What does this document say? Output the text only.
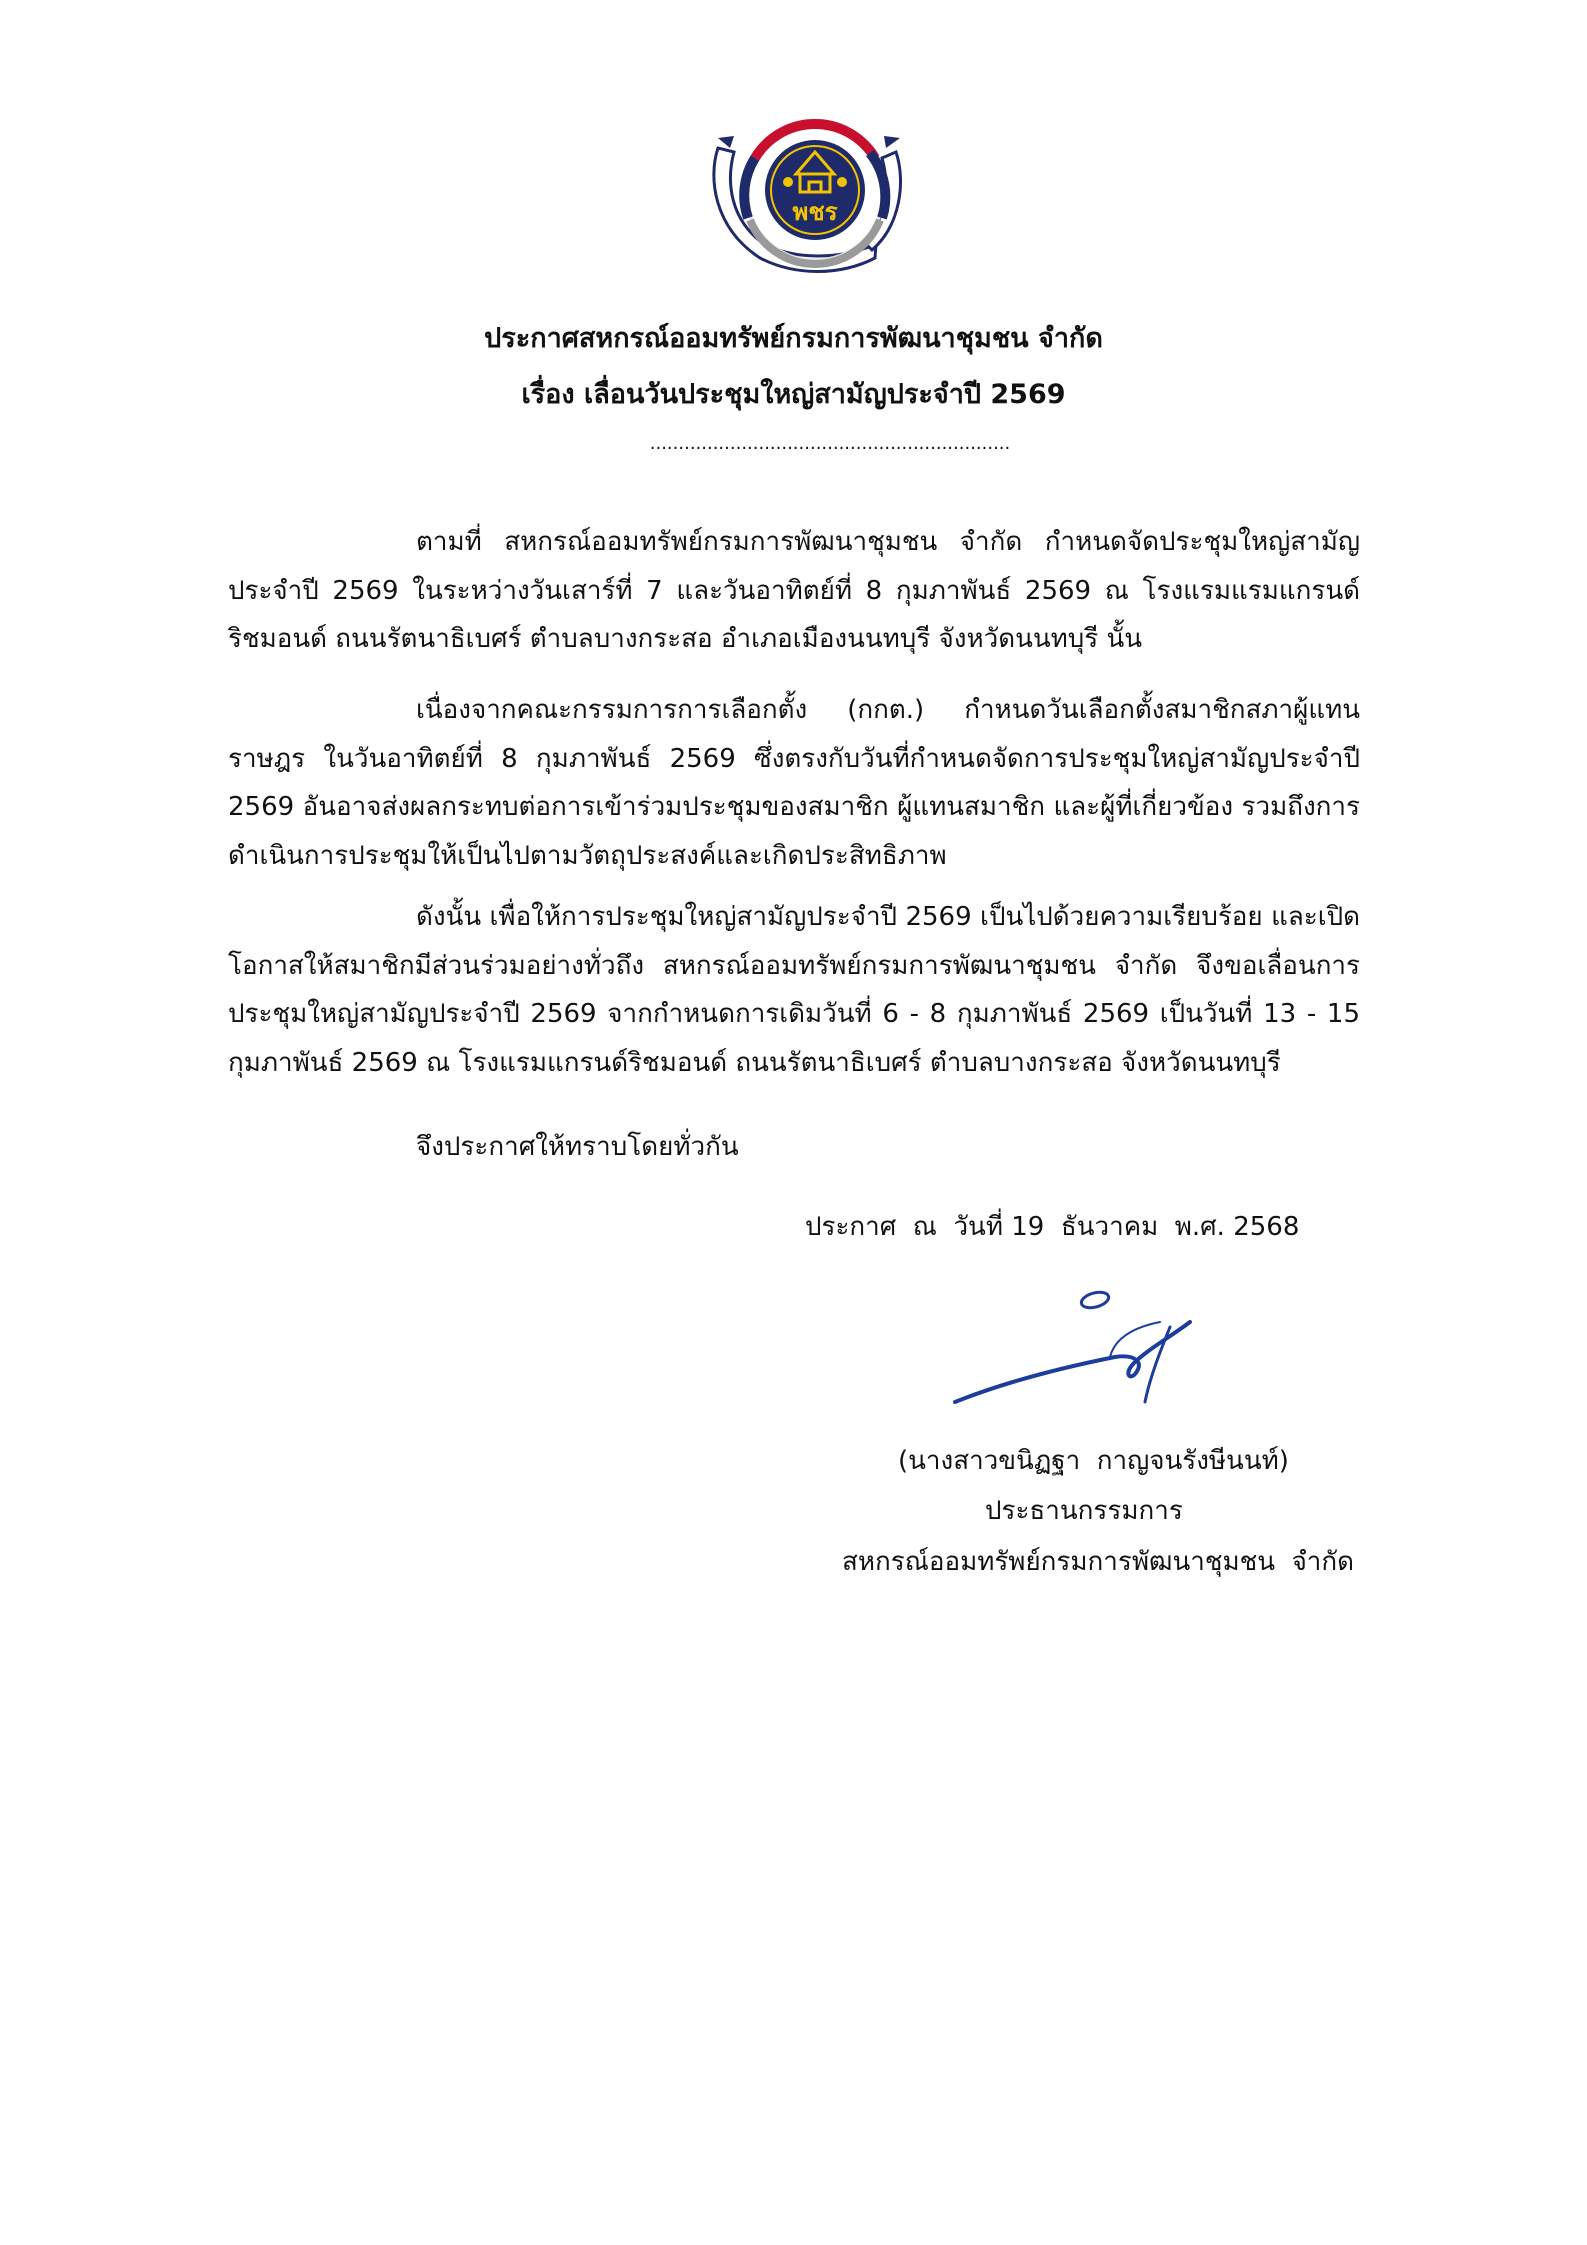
พชร
ประกาศสหกรณ์ออมทรัพย์กรมการพัฒนาชุมชน จำกัด
เรื่อง เลื่อนวันประชุมใหญ่สามัญประจำปี 2569
...............................................................

ตามที่ สหกรณ์ออมทรัพย์กรมการพัฒนาชุมชน จำกัด กำหนดจัดประชุมใหญ่สามัญประจำปี 2569 ในระหว่างวันเสาร์ที่ 7 และวันอาทิตย์ที่ 8 กุมภาพันธ์ 2569 ณ โรงแรมแรมแกรนด์ริชมอนด์ ถนนรัตนาธิเบศร์ ตำบลบางกระสอ อำเภอเมืองนนทบุรี จังหวัดนนทบุรี นั้น

เนื่องจากคณะกรรมการการเลือกตั้ง (กกต.) กำหนดวันเลือกตั้งสมาชิกสภาผู้แทนราษฎร ในวันอาทิตย์ที่ 8 กุมภาพันธ์ 2569 ซึ่งตรงกับวันที่กำหนดจัดการประชุมใหญ่สามัญประจำปี 2569 อันอาจส่งผลกระทบต่อการเข้าร่วมประชุมของสมาชิก ผู้แทนสมาชิก และผู้ที่เกี่ยวข้อง รวมถึงการดำเนินการประชุมให้เป็นไปตามวัตถุประสงค์และเกิดประสิทธิภาพ

ดังนั้น เพื่อให้การประชุมใหญ่สามัญประจำปี 2569 เป็นไปด้วยความเรียบร้อย และเปิดโอกาสให้สมาชิกมีส่วนร่วมอย่างทั่วถึง สหกรณ์ออมทรัพย์กรมการพัฒนาชุมชน จำกัด จึงขอเลื่อนการประชุมใหญ่สามัญประจำปี 2569 จากกำหนดการเดิมวันที่ 6 - 8 กุมภาพันธ์ 2569 เป็นวันที่ 13 - 15 กุมภาพันธ์ 2569 ณ โรงแรมแกรนด์ริชมอนด์ ถนนรัตนาธิเบศร์ ตำบลบางกระสอ จังหวัดนนทบุรี

จึงประกาศให้ทราบโดยทั่วกัน

ประกาศ  ณ  วันที่ 19  ธันวาคม  พ.ศ. 2568
(นางสาวขนิฏฐา  กาญจนรังษีนนท์)
ประธานกรรมการ
สหกรณ์ออมทรัพย์กรมการพัฒนาชุมชน  จำกัด
